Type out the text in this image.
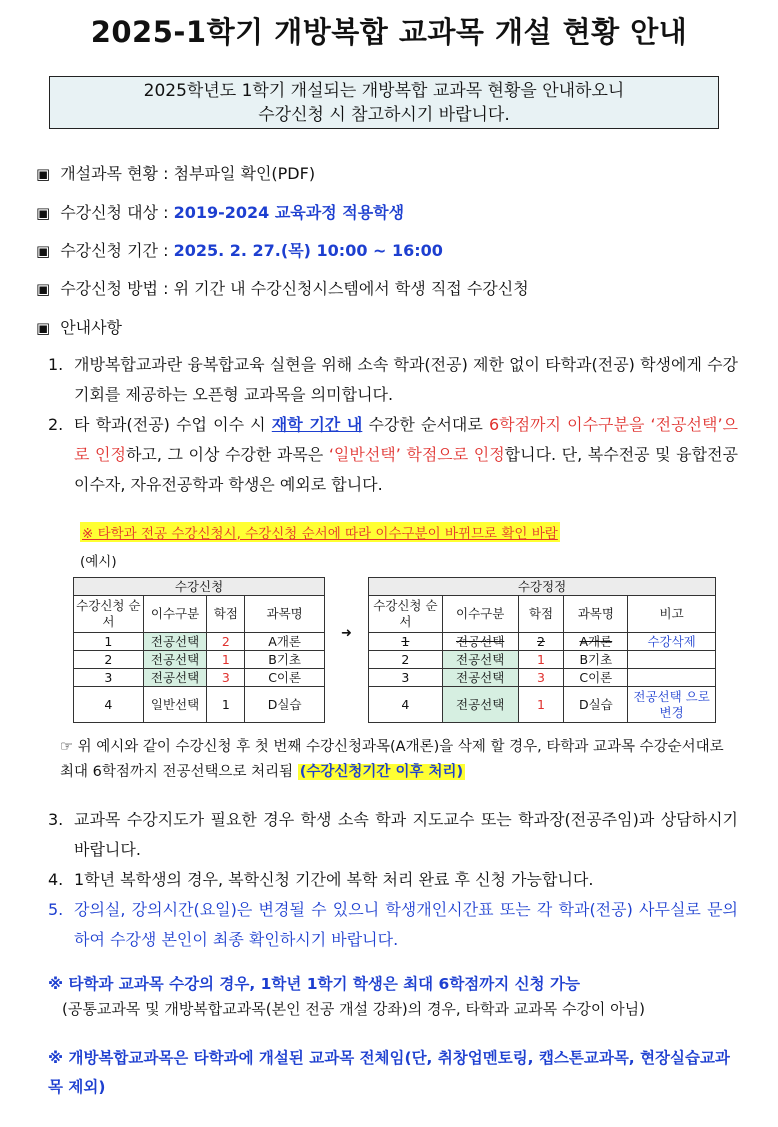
2025-1학기 개방복합 교과목 개설 현황 안내
2025학년도 1학기 개설되는 개방복합 교과목 현황을 안내하오니
수강신청 시 참고하시기 바랍니다.
▣ 개설과목 현황 : 첨부파일 확인(PDF)
▣ 수강신청 대상 : 2019-2024 교육과정 적용학생
▣ 수강신청 기간 : 2025. 2. 27.(목) 10:00 ~ 16:00
▣ 수강신청 방법 : 위 기간 내 수강신청시스템에서 학생 직접 수강신청
▣ 안내사항
1. 개방복합교과란 융복합교육 실현을 위해 소속 학과(전공) 제한 없이 타학과(전공) 학생에게 수강 기회를 제공하는 오픈형 교과목을 의미합니다.
2. 타 학과(전공) 수업 이수 시 재학 기간 내 수강한 순서대로 6학점까지 이수구분을 ‘전공선택’으로 인정하고, 그 이상 수강한 과목은 ‘일반선택’ 학점으로 인정합니다. 단, 복수전공 및 융합전공 이수자, 자유전공학과 학생은 예외로 합니다.
※ 타학과 전공 수강신청시, 수강신청 순서에 따라 이수구분이 바뀌므로 확인 바람
(예시)
수강신청			
수강신청 순서	이수구분	학점	과목명
1	전공선택	2	A개론
2	전공선택	1	B기초
3	전공선택	3	C이론
4	일반선택	1	D실습
➜
수강정정				
수강신청 순서	이수구분	학점	과목명	비고
1	전공선택	2	A개론	수강삭제
2	전공선택	1	B기초	
3	전공선택	3	C이론	
4	전공선택	1	D실습	전공선택 으로 변경
☞ 위 예시와 같이 수강신청 후 첫 번째 수강신청과목(A개론)을 삭제 할 경우, 타학과 교과목 수강순서대로 최대 6학점까지 전공선택으로 처리됨 (수강신청기간 이후 처리)
3. 교과목 수강지도가 필요한 경우 학생 소속 학과 지도교수 또는 학과장(전공주임)과 상담하시기 바랍니다.
4. 1학년 복학생의 경우, 복학신청 기간에 복학 처리 완료 후 신청 가능합니다.
5. 강의실, 강의시간(요일)은 변경될 수 있으니 학생개인시간표 또는 각 학과(전공) 사무실로 문의하여 수강생 본인이 최종 확인하시기 바랍니다.
※ 타학과 교과목 수강의 경우, 1학년 1학기 학생은 최대 6학점까지 신청 가능
(공통교과목 및 개방복합교과목(본인 전공 개설 강좌)의 경우, 타학과 교과목 수강이 아님)
※ 개방복합교과목은 타학과에 개설된 교과목 전체임(단, 취창업멘토링, 캡스톤교과목, 현장실습교과목 제외)
